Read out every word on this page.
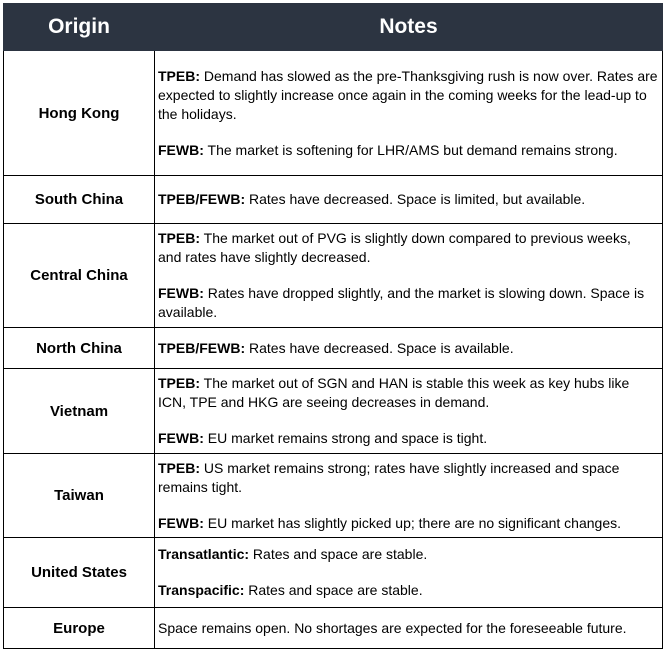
Origin	Notes
Hong Kong	TPEB: Demand has slowed as the pre-Thanksgiving rush is now over. Rates are expected to slightly increase once again in the coming weeks for the lead-up to the holidays.
FEWB: The market is softening for LHR/AMS but demand remains strong.

South China	TPEB/FEWB: Rates have decreased. Space is limited, but available.

Central China	TPEB: The market out of PVG is slightly down compared to previous weeks, and rates have slightly decreased.
FEWB: Rates have dropped slightly, and the market is slowing down. Space is available.

North China	TPEB/FEWB: Rates have decreased. Space is available.

Vietnam	TPEB: The market out of SGN and HAN is stable this week as key hubs like ICN, TPE and HKG are seeing decreases in demand.
FEWB: EU market remains strong and space is tight.

Taiwan	TPEB: US market remains strong; rates have slightly increased and space remains tight.
FEWB: EU market has slightly picked up; there are no significant changes.

United States	Transatlantic: Rates and space are stable.
Transpacific: Rates and space are stable.

Europe	Space remains open. No shortages are expected for the foreseeable future.
